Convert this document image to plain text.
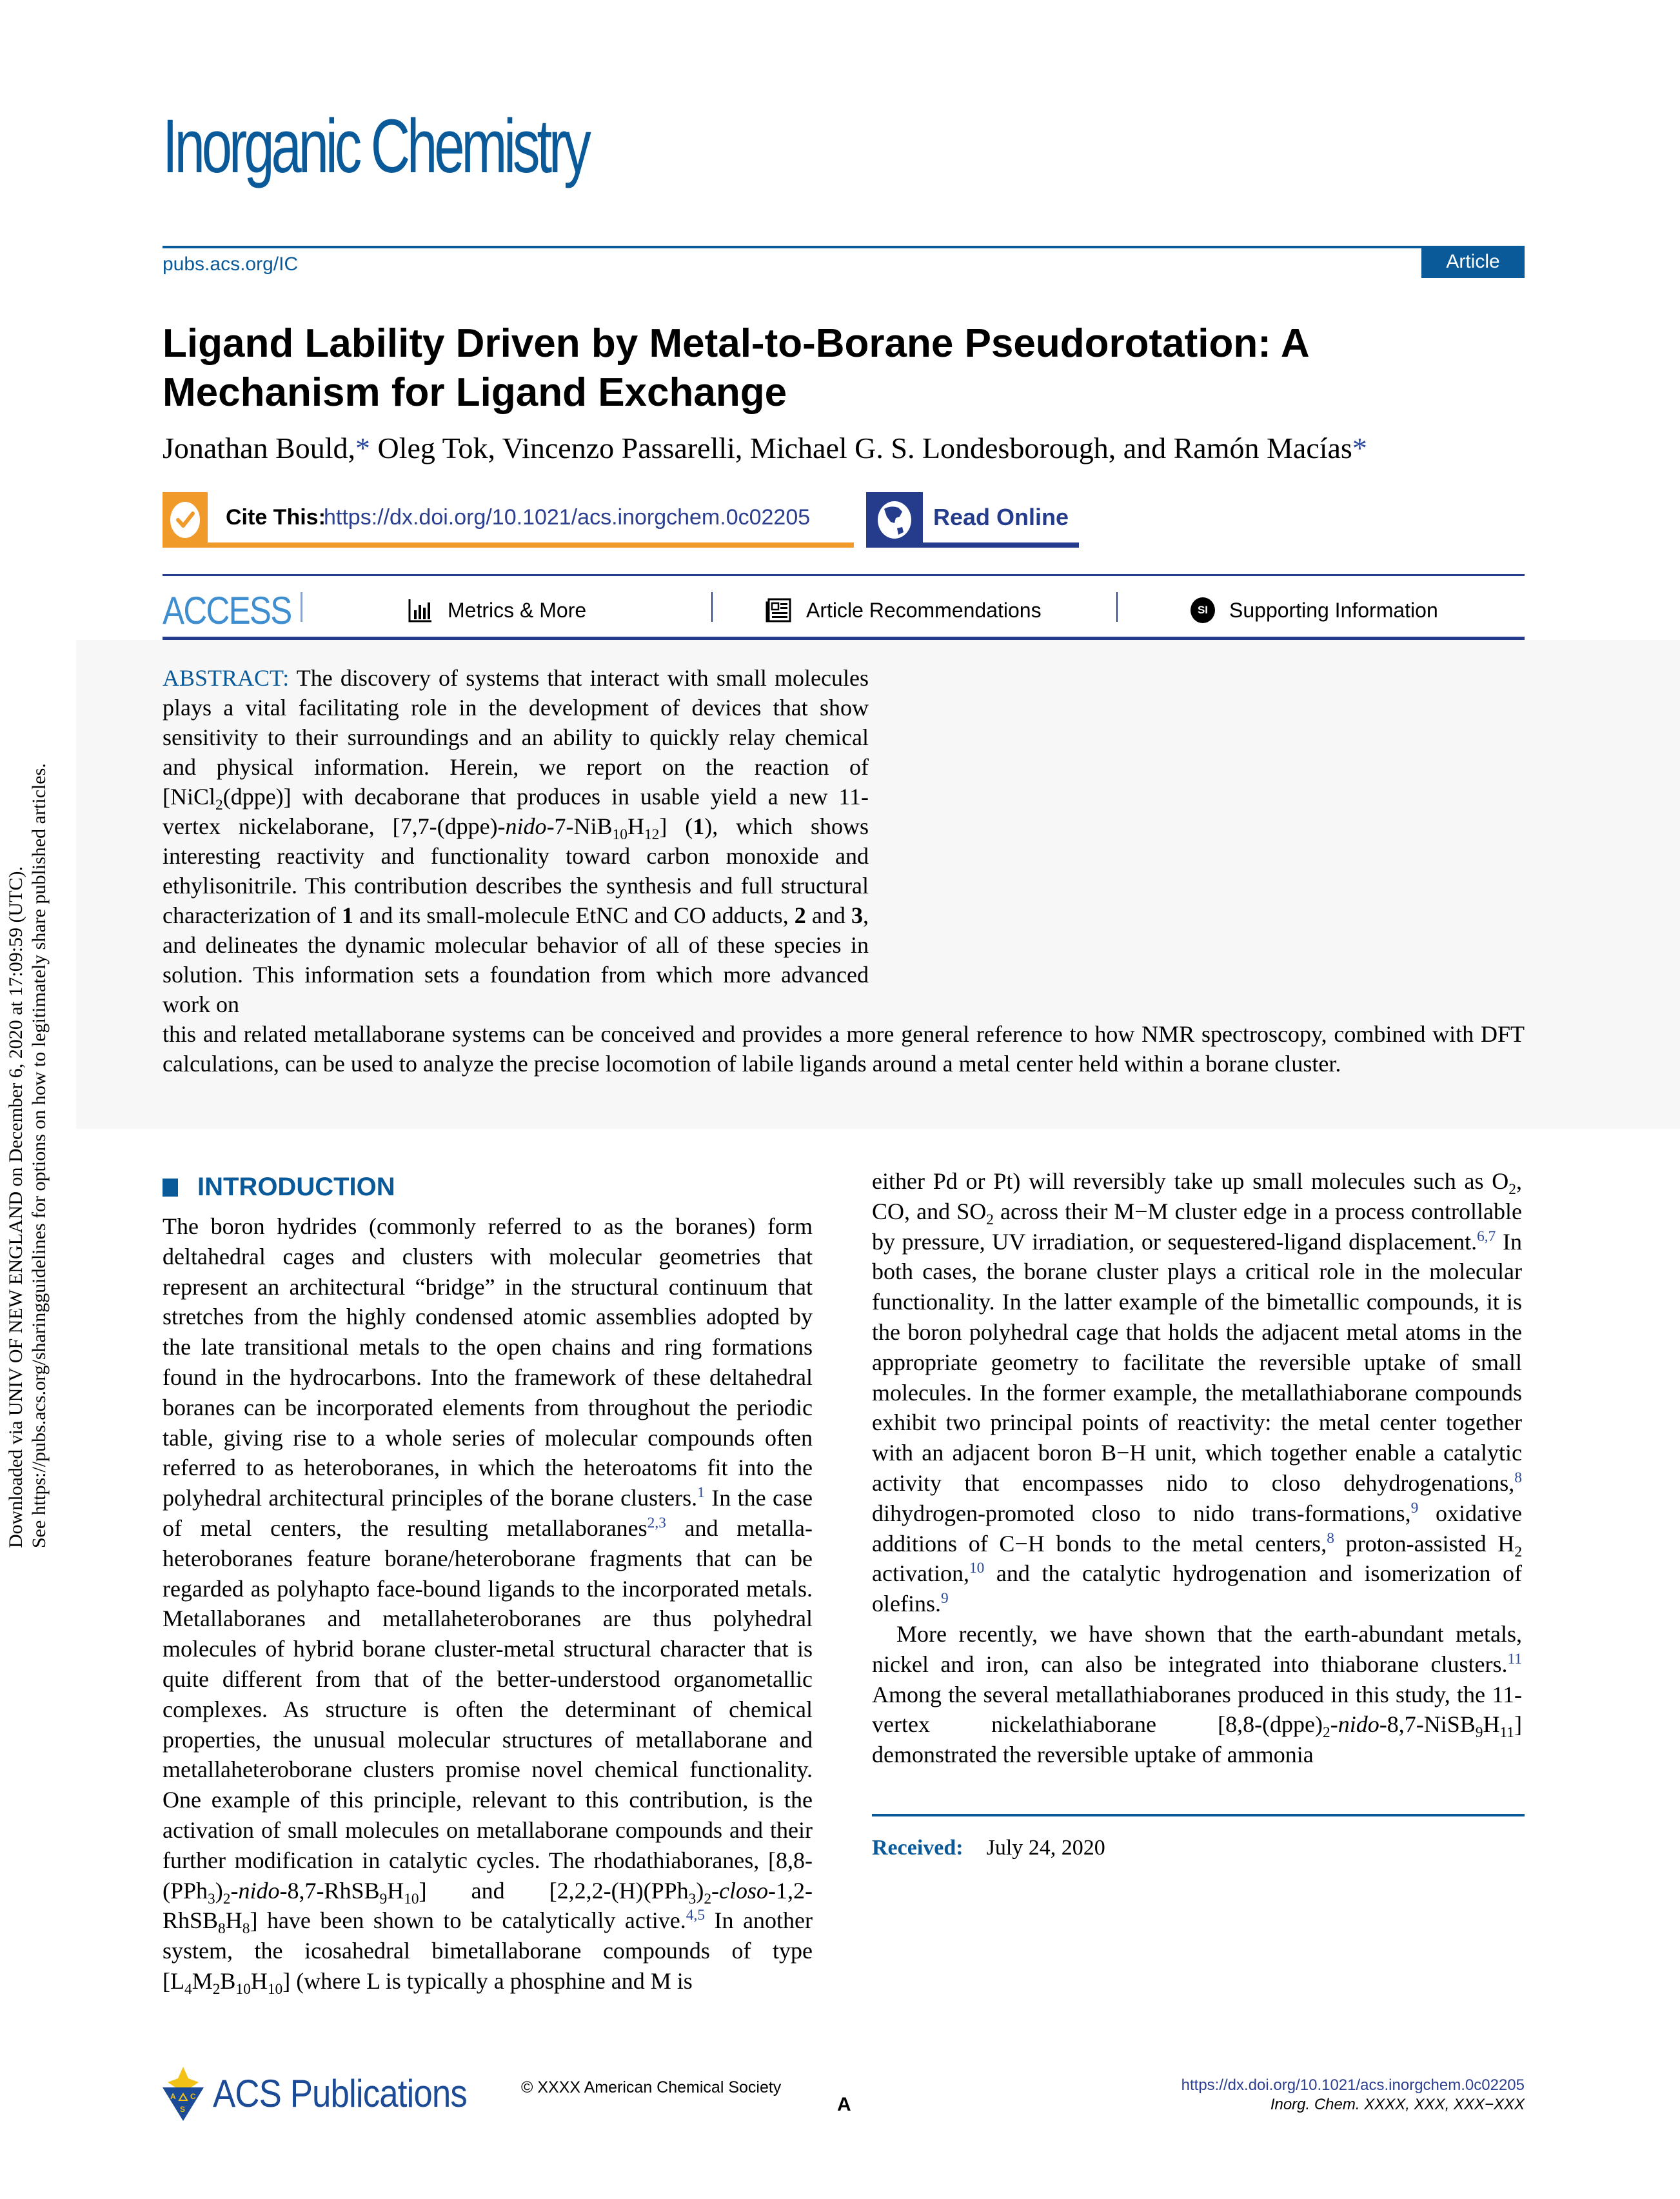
Downloaded via UNIV OF NEW ENGLAND on December 6, 2020 at 17:09:59 (UTC). See https://pubs.acs.org/sharingguidelines for options on how to legitimately share published articles.
Inorganic Chemistry
pubs.acs.org/IC	Article
Ligand Lability Driven by Metal-to-Borane Pseudorotation: A Mechanism for Ligand Exchange
Jonathan Bould,* Oleg Tok, Vincenzo Passarelli, Michael G. S. Londesborough, and Ramón Macías*
Cite This:
https://dx.doi.org/10.1021/acs.inorgchem.0c02205	Read Online
ACCESS	Metrics & More	Article Recommendations	SI	Supporting Information

ABSTRACT: The discovery of systems that interact with small molecules plays a vital facilitating role in the development of devices that show sensitivity to their surroundings and an ability to quickly relay chemical and physical information. Herein, we report on the reaction of [NiCl$_2$(dppe)] with decaborane that produces in usable yield a new 11-vertex nickelaborane, $[7,7-(dppe)-nido-7-NiB_{10}H_{12}]$ (1), which shows interesting reactivity and functionality toward carbon monoxide and ethylisonitrile. This contribution describes the synthesis and full structural characterization of 1 and its small-molecule EtNC and CO adducts, 2 and 3, and delineates the dynamic molecular behavior of all of these species in solution. This information sets a foundation from which more advanced work on

this and related metallaborane systems can be conceived and provides a more general reference to how NMR spectroscopy, combined with DFT calculations, can be used to analyze the precise locomotion of labile ligands around a metal center held within a borane cluster.

INTRODUCTION

The boron hydrides (commonly referred to as the boranes) form deltahedral cages and clusters with molecular geometries that represent an architectural “bridge” in the structural continuum that stretches from the highly condensed atomic assemblies adopted by the late transitional metals to the open chains and ring formations found in the hydrocarbons. Into the framework of these deltahedral boranes can be incorporated elements from throughout the periodic table, giving rise to a whole series of molecular compounds often referred to as heteroboranes, in which the heteroatoms fit into the polyhedral architectural principles of the borane clusters.$^1$ In the case of metal centers, the resulting metallaboranes$^{2,3}$ and metalla-heteroboranes feature borane/heteroborane fragments that can be regarded as polyhapto face-bound ligands to the incorporated metals. Metallaboranes and metallaheteroboranes are thus polyhedral molecules of hybrid borane cluster-metal structural character that is quite different from that of the better-understood organometallic complexes. As structure is often the determinant of chemical properties, the unusual molecular structures of metallaborane and metallaheteroborane clusters promise novel chemical functionality. One example of this principle, relevant to this contribution, is the activation of small molecules on metallaborane compounds and their further modification in catalytic cycles. The rhodathiaboranes, $[8,8-(PPh_3)_2-nido-8,7-RhSB_9H_{10}]$ and $[2,2,2-(H)(PPh_3)_2-closo-1,2-RhSB_8H_8]$ have been shown to be catalytically active.$^{4,5}$ In another system, the icosahedral bimetallaborane compounds of type $[L_4M_2B_{10}H_{10}]$ (where L is typically a phosphine and M is

either Pd or Pt) will reversibly take up small molecules such as $O_2$, CO, and $SO_2$ across their M−M cluster edge in a process controllable by pressure, UV irradiation, or sequestered-ligand displacement.$^{6,7}$ In both cases, the borane cluster plays a critical role in the molecular functionality. In the latter example of the bimetallic compounds, it is the boron polyhedral cage that holds the adjacent metal atoms in the appropriate geometry to facilitate the reversible uptake of small molecules. In the former example, the metallathiaborane compounds exhibit two principal points of reactivity: the metal center together with an adjacent boron B−H unit, which together enable a catalytic activity that encompasses nido to closo dehydrogenations,$^8$ dihydrogen-promoted closo to nido trans-formations,$^9$ oxidative additions of C−H bonds to the metal centers,$^8$ proton-assisted $H_2$ activation,$^{10}$ and the catalytic hydrogenation and isomerization of olefins.$^9$

More recently, we have shown that the earth-abundant metals, nickel and iron, can also be integrated into thiaborane clusters.$^{11}$ Among the several metallathiaboranes produced in this study, the 11-vertex nickelathiaborane $[8,8-(dppe)_2-nido-8,7-NiSB_9H_{11}]$ demonstrated the reversible uptake of ammonia

Received: July 24, 2020
A C
S ACS Publications	© XXXX American Chemical Society
A
https://dx.doi.org/10.1021/acs.inorgchem.0c02205
Inorg. Chem. XXXX, XXX, XXX−XXX
